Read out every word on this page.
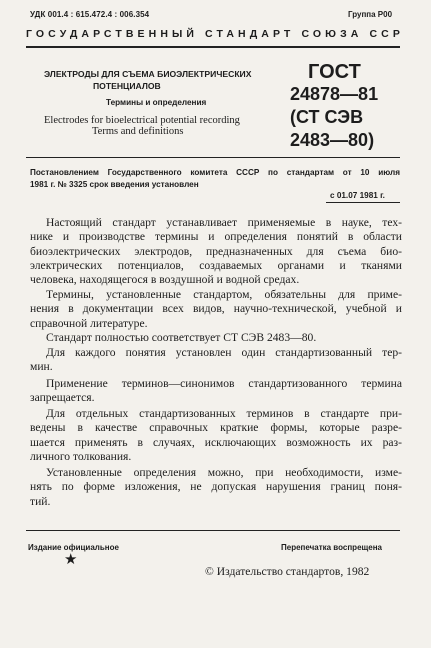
УДК 001.4 : 615.472.4 : 006.354	Группа Р00
ГОСУДАРСТВЕННЫЙ СТАНДАРТ СОЮЗА ССР
ЭЛЕКТРОДЫ ДЛЯ СЪЕМА БИОЭЛЕКТРИЧЕСКИХ
ПОТЕНЦИАЛОВ
Термины и определения
Electrodes for bioelectrical potential recording
Terms and definitions
ГОСТ
24878—81
(СТ СЭВ
2483—80)
Постановлением Государственного комитета СССР по стандартам от 10 июля
1981 г. № 3325 срок введения установлен
с 01.07 1981 г.
Настоящий стандарт устанавливает применяемые в науке, тех-
нике и производстве термины и определения понятий в области
биоэлектрических электродов, предназначенных для съема био-
электрических потенциалов, создаваемых органами и тканями
человека, находящегося в воздушной и водной средах.
Термины, установленные стандартом, обязательны для приме-
нения в документации всех видов, научно-технической, учебной и
справочной литературе.
Стандарт полностью соответствует СТ СЭВ 2483—80.
Для каждого понятия установлен один стандартизованный тер-
мин.
Применение терминов—синонимов стандартизованного термина
запрещается.
Для отдельных стандартизованных терминов в стандарте при-
ведены в качестве справочных краткие формы, которые разре-
шается применять в случаях, исключающих возможность их раз-
личного толкования.
Установленные определения можно, при необходимости, изме-
нять по форме изложения, не допуская нарушения границ поня-
тий.
Издание официальное	Перепечатка воспрещена
★
© Издательство стандартов, 1982
